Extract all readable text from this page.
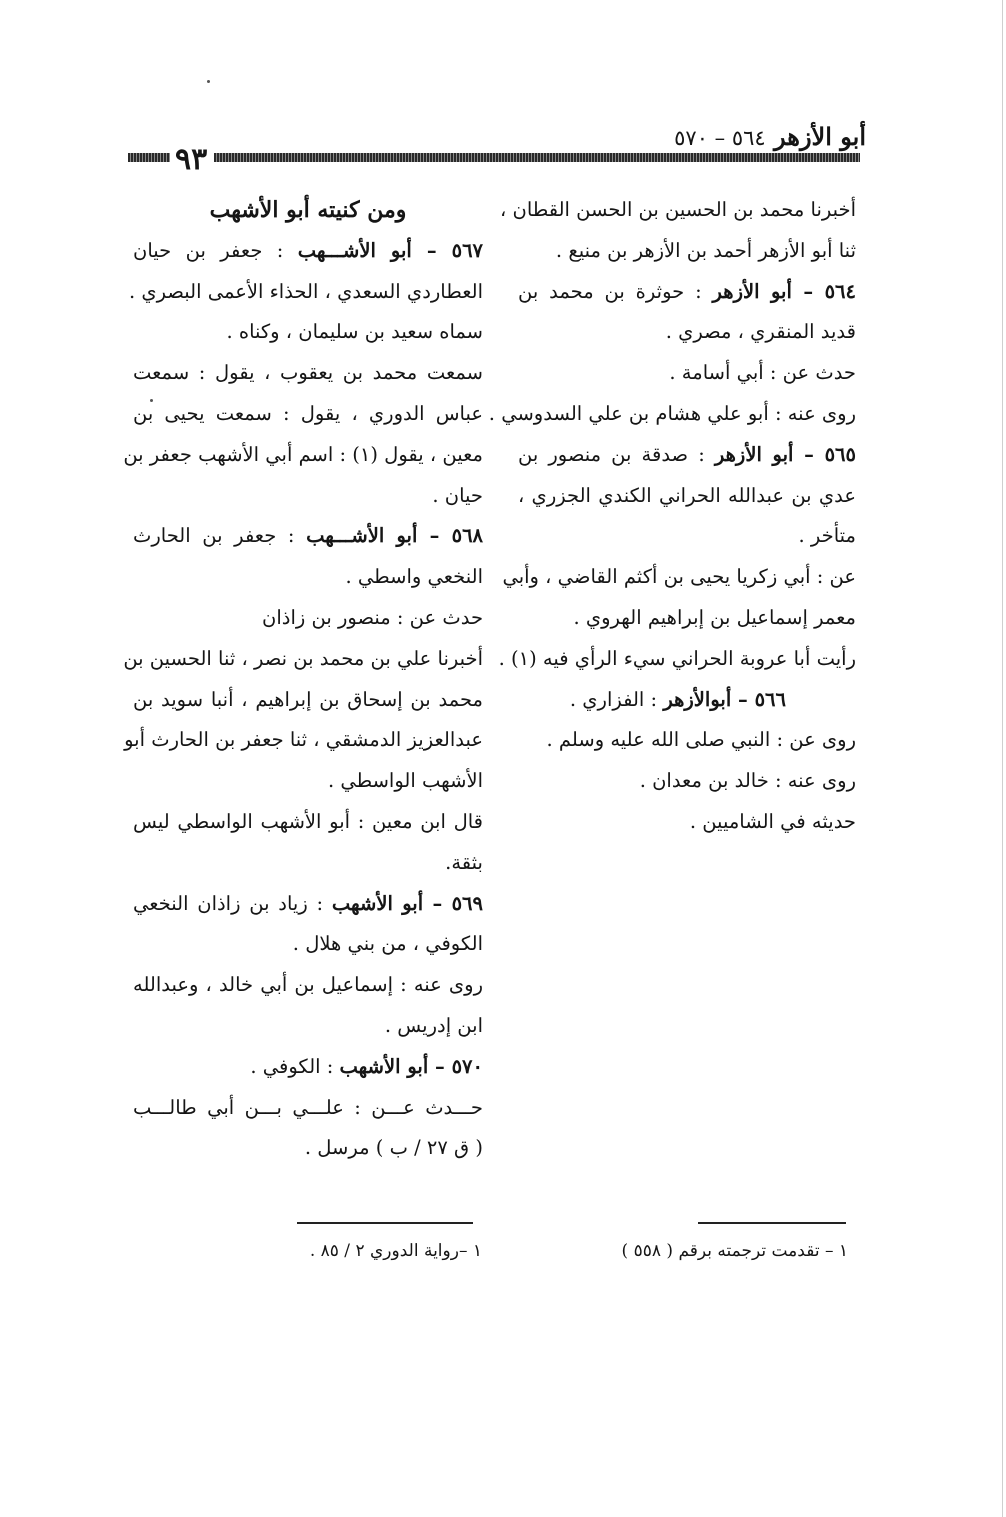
أبو الأزهر ٥٦٤ – ٥٧٠
٩٣
أخبرنا محمد بن الحسين بن الحسن القطان ،
ثنا أبو الأزهر أحمد بن الأزهر بن منيع .
٥٦٤ – أبو الأزهر : حوثرة بن محمد بن
قديد المنقري ، مصري .
حدث عن : أبي أسامة .
روى عنه : أبو علي هشام بن علي السدوسي .
٥٦٥ – أبو الأزهر : صدقة بن منصور بن
عدي بن عبدالله الحراني الكندي الجزري ،
متأخر .
عن : أبي زكريا يحيى بن أكثم القاضي ، وأبي
معمر إسماعيل بن إبراهيم الهروي .
رأيت أبا عروبة الحراني سيء الرأي فيه (١) .
٥٦٦ – أبوالأزهر : الفزاري .
روى عن : النبي صلى الله عليه وسلم .
روى عنه : خالد بن معدان .
حديثه في الشاميين .
ومن كنيته أبو الأشهب
٥٦٧ – أبو الأشـــهب : جعفر بن حيان
العطاردي السعدي ، الحذاء الأعمى البصري .
سماه سعيد بن سليمان ، وكناه .
سمعت محمد بن يعقوب ، يقول : سمعت
عباس الدوري ، يقول : سمعت يحيى بن
معين ، يقول (١) : اسم أبي الأشهب جعفر بن
حيان .
٥٦٨ – أبو الأشـــهب : جعفر بن الحارث
النخعي واسطي .
حدث عن : منصور بن زاذان
أخبرنا علي بن محمد بن نصر ، ثنا الحسين بن
محمد بن إسحاق بن إبراهيم ، أنبا سويد بن
عبدالعزيز الدمشقي ، ثنا جعفر بن الحارث أبو
الأشهب الواسطي .
قال ابن معين : أبو الأشهب الواسطي ليس
بثقة.
٥٦٩ – أبو الأشهب : زياد بن زاذان النخعي
الكوفي ، من بني هلال .
روى عنه : إسماعيل بن أبي خالد ، وعبدالله
ابن إدريس .
٥٧٠ – أبو الأشهب : الكوفي .
حـــدث عـــن : علـــي بـــن أبي طالـــب
( ق ٢٧ / ب ) مرسل .
١ – تقدمت ترجمته برقم ( ٥٥٨ )
١ –رواية الدوري ٢ / ٨٥ .
